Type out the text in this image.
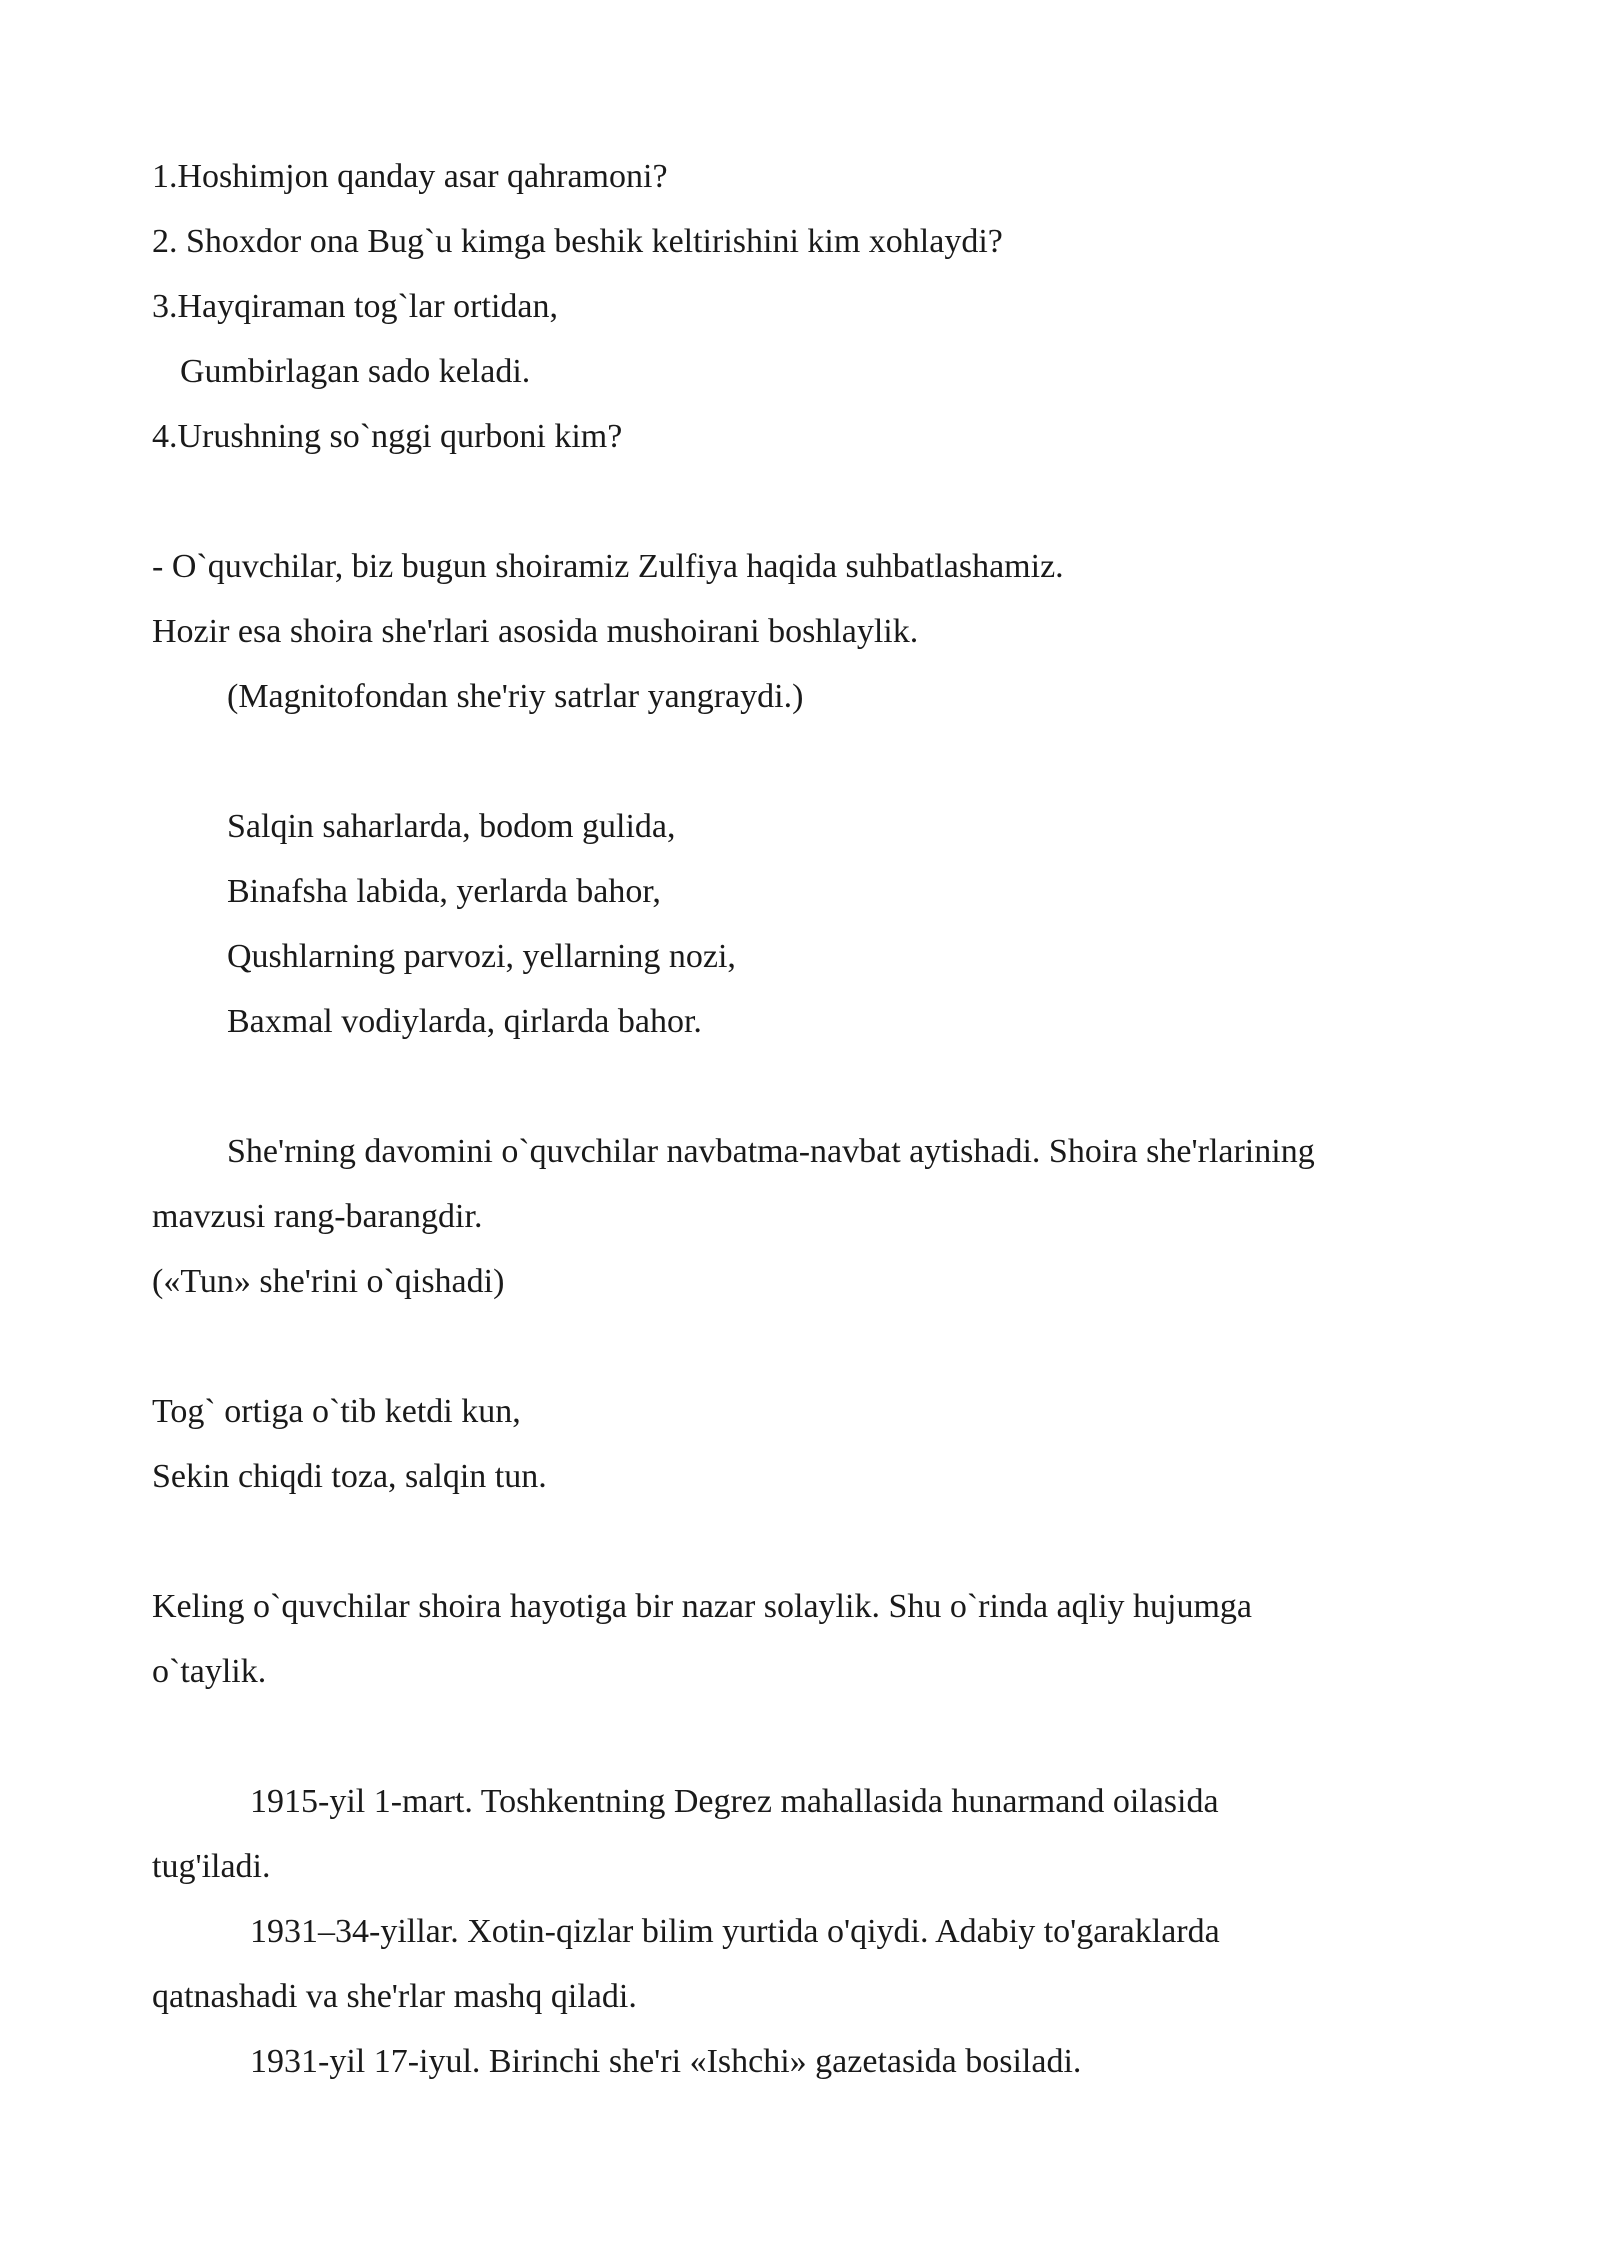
1.Hoshimjon qanday asar qahramoni?
2. Shoxdor ona Bug`u kimga beshik keltirishini kim xohlaydi?
3.Hayqiraman tog`lar ortidan,
Gumbirlagan sado keladi.
4.Urushning so`nggi qurboni kim?
- O`quvchilar, biz bugun shoiramiz Zulfiya haqida suhbatlashamiz.
Hozir esa shoira she'rlari asosida mushoirani boshlaylik.
(Magnitofondan she'riy satrlar yangraydi.)
Salqin saharlarda, bodom gulida,
Binafsha labida, yerlarda bahor,
Qushlarning parvozi, yellarning nozi,
Baxmal vodiylarda, qirlarda bahor.
She'rning davomini o`quvchilar navbatma-navbat aytishadi. Shoira she'rlarining
mavzusi rang-barangdir.
(«Tun» she'rini o`qishadi)
Tog` ortiga o`tib ketdi kun,
Sekin chiqdi toza, salqin tun.
Keling o`quvchilar shoira hayotiga bir nazar solaylik. Shu o`rinda aqliy hujumga
o`taylik.
1915-yil 1-mart. Toshkentning Degrez mahallasida hunarmand oilasida
tug'iladi.
1931–34-yillar. Xotin-qizlar bilim yurtida o'qiydi. Adabiy to'garaklarda
qatnashadi va she'rlar mashq qiladi.
1931-yil 17-iyul. Birinchi she'ri «Ishchi» gazetasida bosiladi.
